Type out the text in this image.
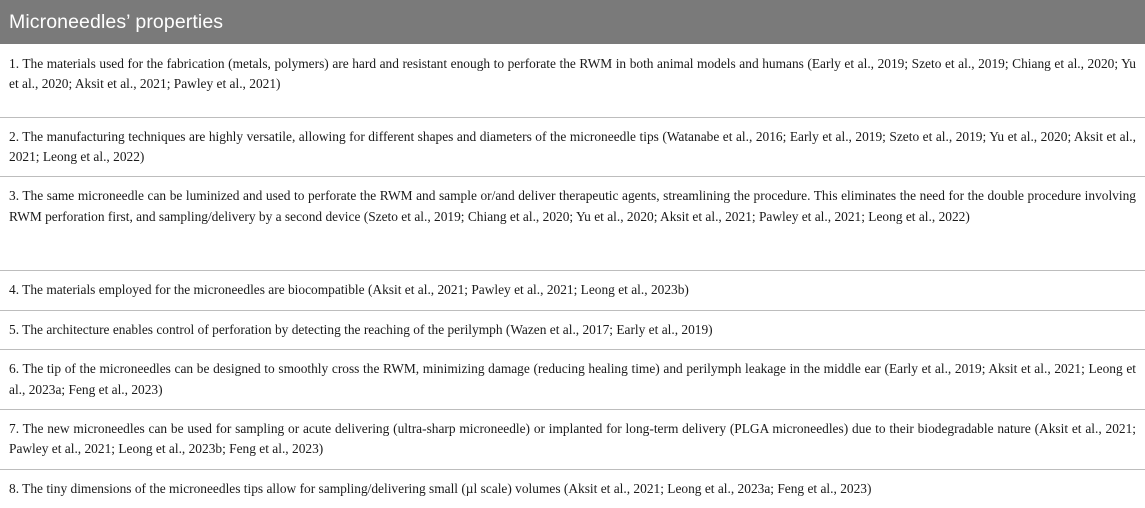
Microneedles’ properties
1. The materials used for the fabrication (metals, polymers) are hard and resistant enough to perforate the RWM in both animal models and humans (Early et al., 2019; Szeto et al., 2019; Chiang et al., 2020; Yu et al., 2020; Aksit et al., 2021; Pawley et al., 2021)
2. The manufacturing techniques are highly versatile, allowing for different shapes and diameters of the microneedle tips (Watanabe et al., 2016; Early et al., 2019; Szeto et al., 2019; Yu et al., 2020; Aksit et al., 2021; Leong et al., 2022)
3. The same microneedle can be luminized and used to perforate the RWM and sample or/and deliver therapeutic agents, streamlining the procedure. This eliminates the need for the double procedure involving RWM perforation first, and sampling/delivery by a second device (Szeto et al., 2019; Chiang et al., 2020; Yu et al., 2020; Aksit et al., 2021; Pawley et al., 2021; Leong et al., 2022)
4. The materials employed for the microneedles are biocompatible (Aksit et al., 2021; Pawley et al., 2021; Leong et al., 2023b)
5. The architecture enables control of perforation by detecting the reaching of the perilymph (Wazen et al., 2017; Early et al., 2019)
6. The tip of the microneedles can be designed to smoothly cross the RWM, minimizing damage (reducing healing time) and perilymph leakage in the middle ear (Early et al., 2019; Aksit et al., 2021; Leong et al., 2023a; Feng et al., 2023)
7. The new microneedles can be used for sampling or acute delivering (ultra-sharp microneedle) or implanted for long-term delivery (PLGA microneedles) due to their biodegradable nature (Aksit et al., 2021; Pawley et al., 2021; Leong et al., 2023b; Feng et al., 2023)
8. The tiny dimensions of the microneedles tips allow for sampling/delivering small (µl scale) volumes (Aksit et al., 2021; Leong et al., 2023a; Feng et al., 2023)
